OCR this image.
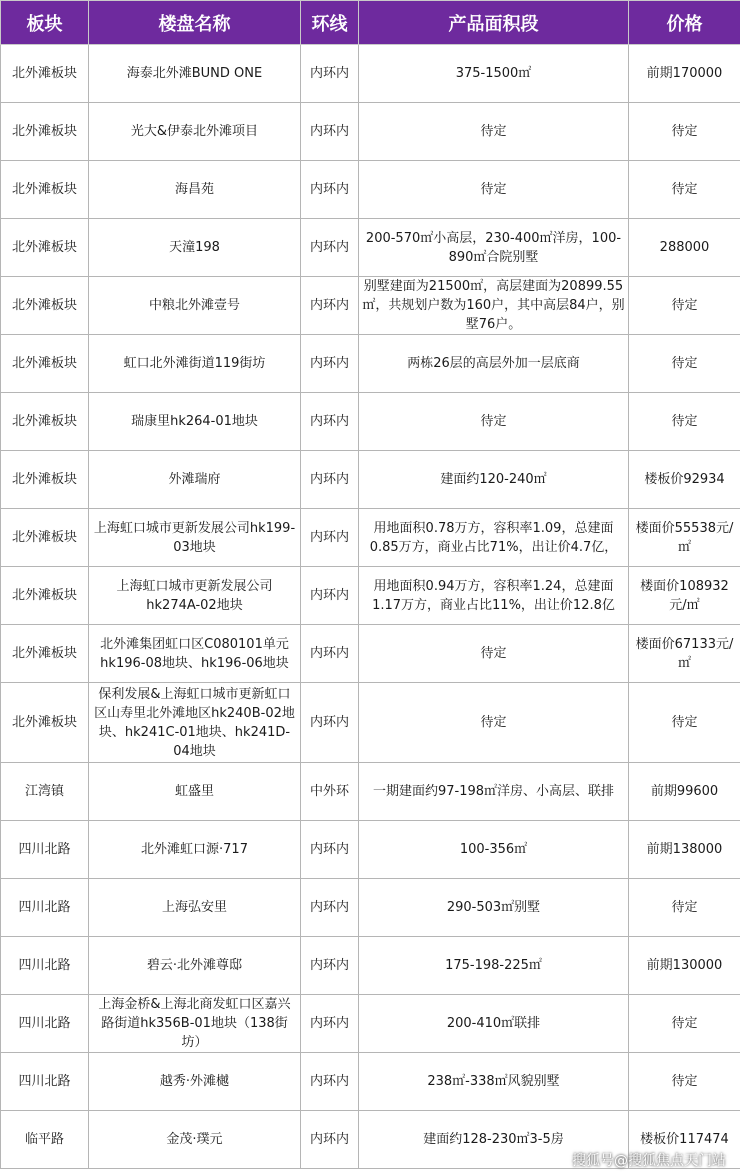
板块	楼盘名称	环线	产品面积段	价格
北外滩板块	海泰北外滩BUND ONE	内环内	375-1500㎡	前期170000
北外滩板块	光大&伊泰北外滩项目	内环内	待定	待定
北外滩板块	海昌苑	内环内	待定	待定
北外滩板块	天潼198	内环内	200-570㎡小高层，230-400㎡洋房，100-890㎡合院别墅	288000
北外滩板块	中粮北外滩壹号	内环内	别墅建面为21500㎡，高层建面为20899.55㎡，共规划户数为160户，其中高层84户，别墅76户。	待定
北外滩板块	虹口北外滩街道119街坊	内环内	两栋26层的高层外加一层底商	待定
北外滩板块	瑞康里hk264-01地块	内环内	待定	待定
北外滩板块	外滩瑞府	内环内	建面约120-240㎡	楼板价92934
北外滩板块	上海虹口城市更新发展公司hk199-03地块	内环内	用地面积0.78万方，容积率1.09，总建面0.85万方，商业占比71%，出让价4.7亿，	楼面价55538元/㎡
北外滩板块	上海虹口城市更新发展公司hk274A-02地块	内环内	用地面积0.94万方，容积率1.24，总建面1.17万方，商业占比11%，出让价12.8亿	楼面价108932元/㎡
北外滩板块	北外滩集团虹口区C080101单元hk196-08地块、hk196-06地块	内环内	待定	楼面价67133元/㎡
北外滩板块	保利发展&上海虹口城市更新虹口区山寿里北外滩地区hk240B-02地块、hk241C-01地块、hk241D-04地块	内环内	待定	待定
江湾镇	虹盛里	中外环	一期建面约97-198㎡洋房、小高层、联排	前期99600
四川北路	北外滩虹口源·717	内环内	100-356㎡	前期138000
四川北路	上海弘安里	内环内	290-503㎡别墅	待定
四川北路	碧云·北外滩尊邸	内环内	175-198-225㎡	前期130000
四川北路	上海金桥&上海北商发虹口区嘉兴路街道hk356B-01地块（138街坊）	内环内	200-410㎡联排	待定
四川北路	越秀·外滩樾	内环内	238㎡-338㎡风貌别墅	待定
临平路	金茂·璞元	内环内	建面约128-230㎡3-5房	楼板价117474
搜狐号@搜狐焦点天门站
